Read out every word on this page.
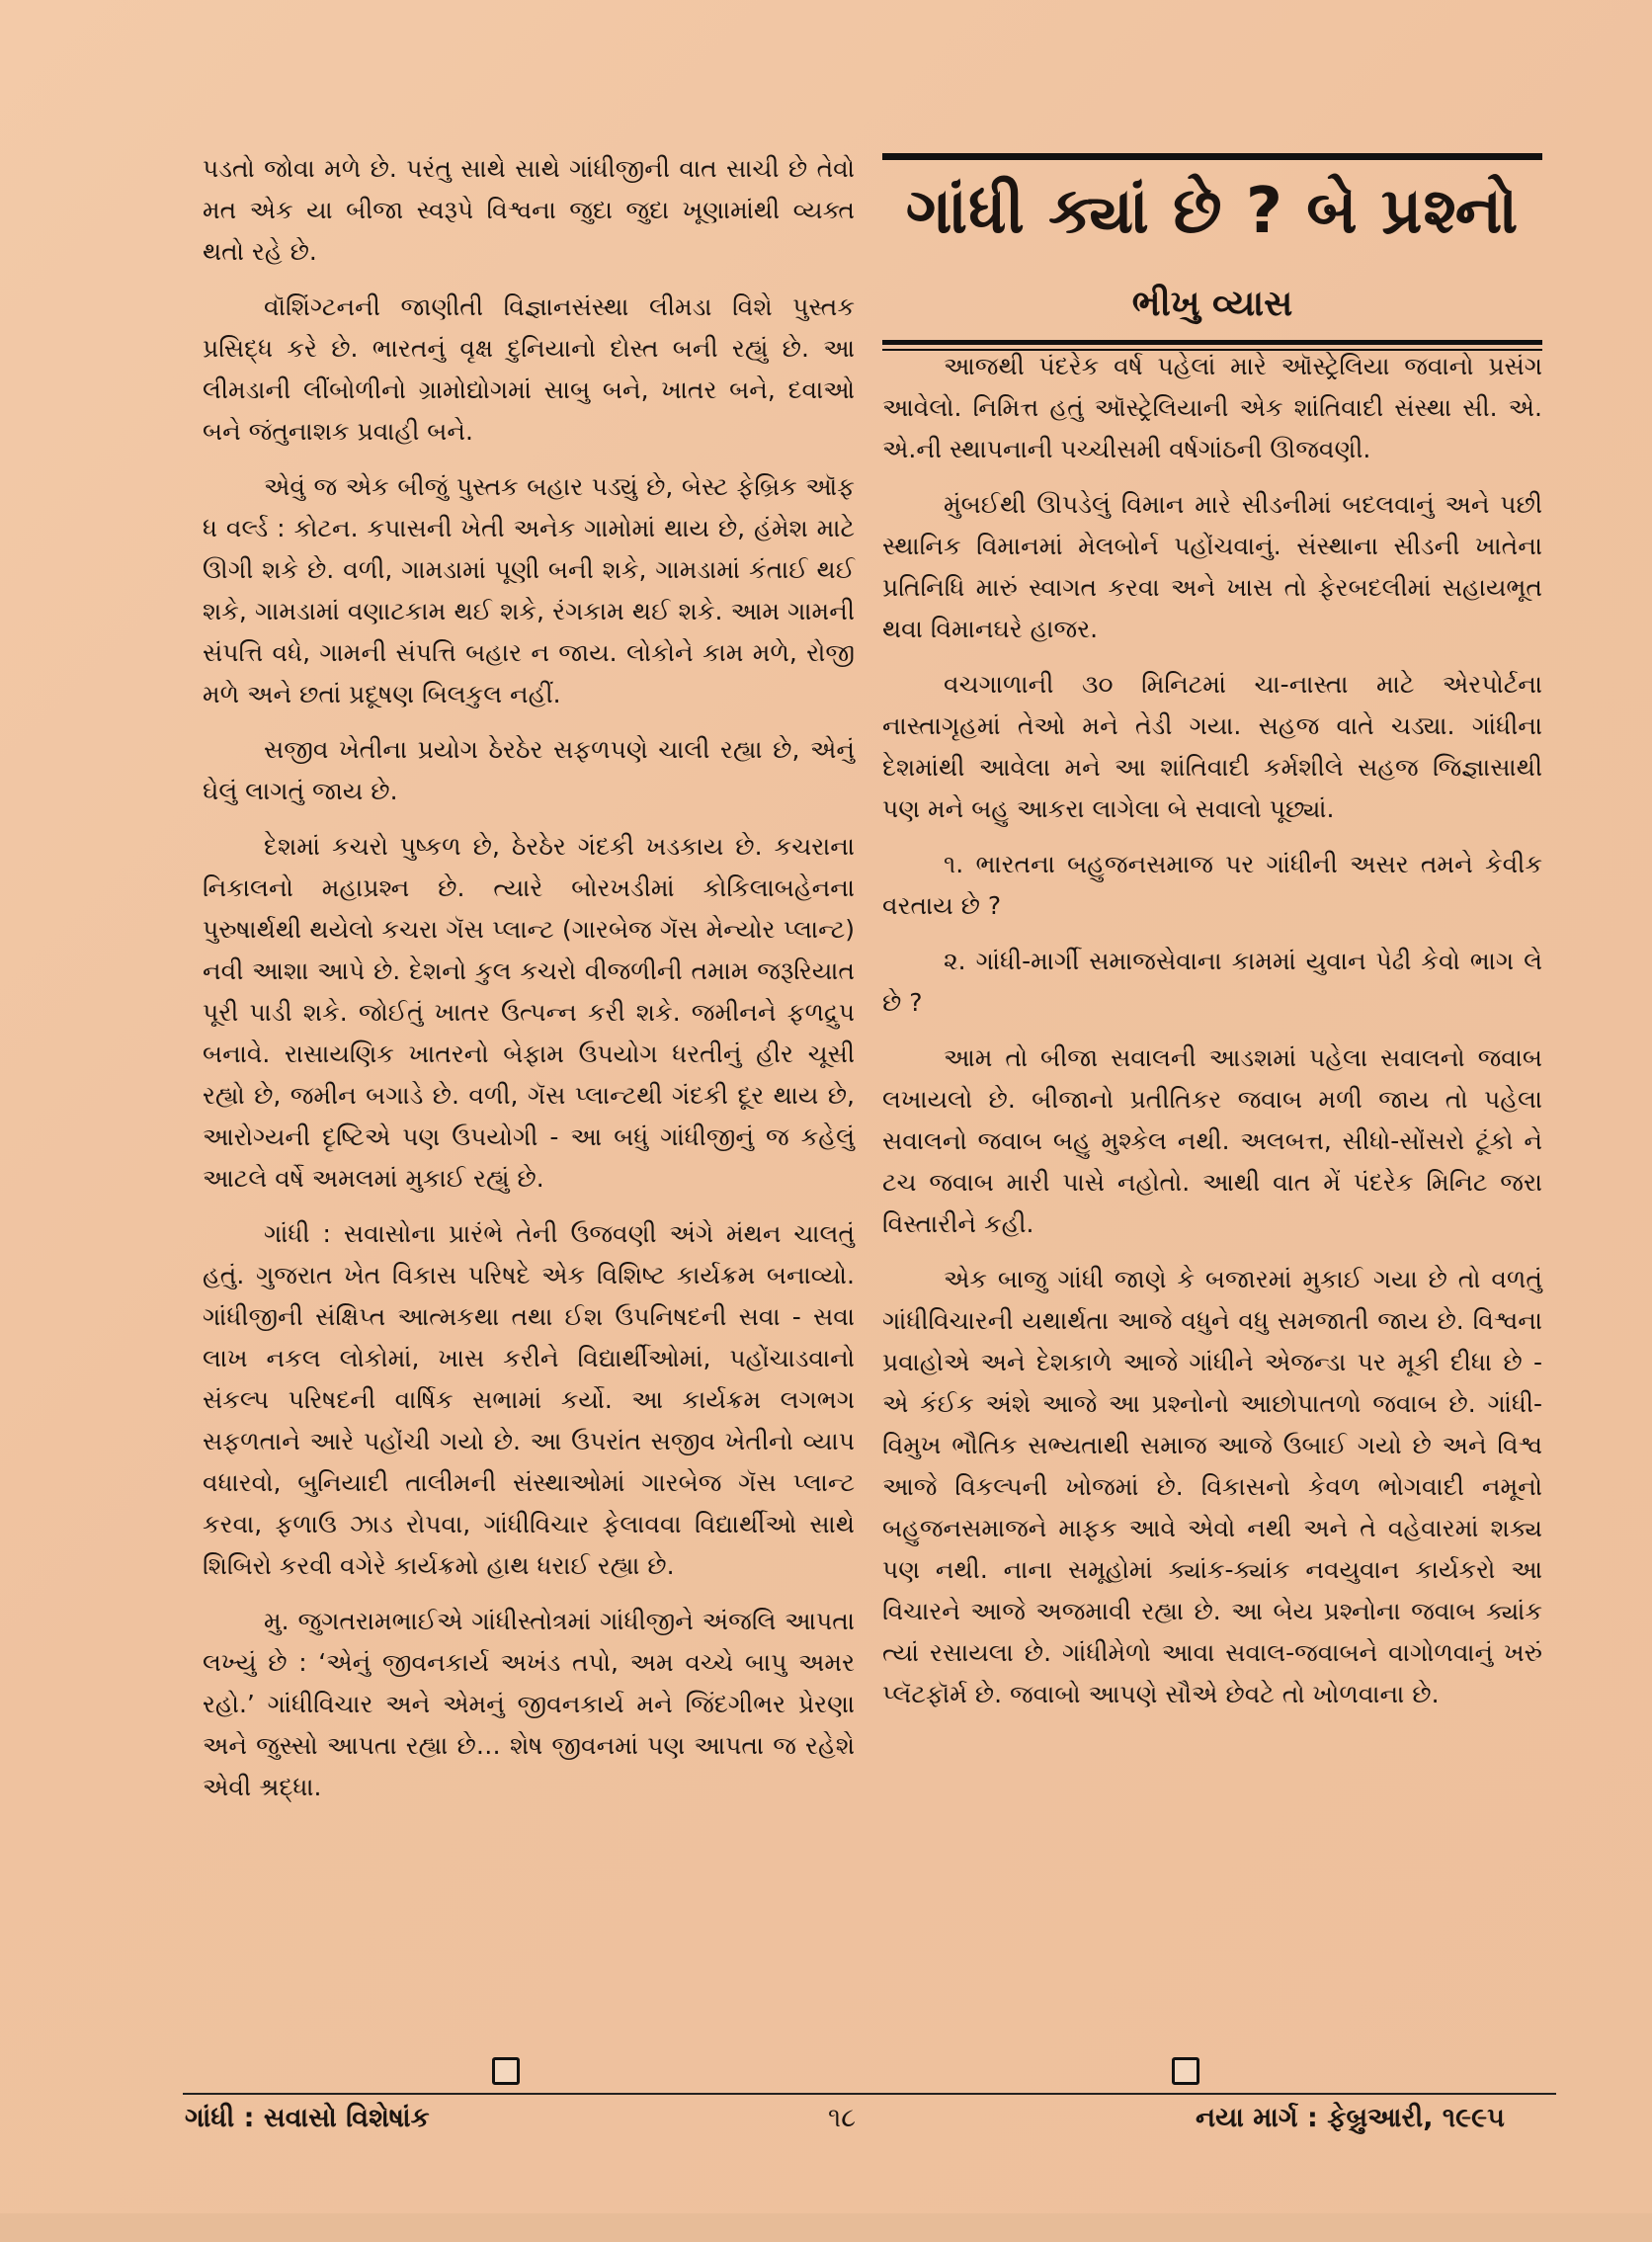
પડતો જોવા મળે છે. પરંતુ સાથે સાથે ગાંધીજીની વાત સાચી છે તેવો મત એક યા બીજા સ્વરૂપે વિશ્વના જુદા જુદા ખૂણામાંથી વ્યક્ત થતો રહે છે.

વૉશિંગ્ટનની જાણીતી વિજ્ઞાનસંસ્થા લીમડા વિશે પુસ્તક પ્રસિદ્ધ કરે છે. ભારતનું વૃક્ષ દુનિયાનો દોસ્ત બની રહ્યું છે. આ લીમડાની લીંબોળીનો ગ્રામોદ્યોગમાં સાબુ બને, ખાતર બને, દવાઓ બને જંતુનાશક પ્રવાહી બને.

એવું જ એક બીજું પુસ્તક બહાર પડ્યું છે, બેસ્ટ ફેબ્રિક ઑફ ધ વર્લ્ડ : કોટન. કપાસની ખેતી અનેક ગામોમાં થાય છે, હંમેશ માટે ઊગી શકે છે. વળી, ગામડામાં પૂણી બની શકે, ગામડામાં કંતાઈ થઈ શકે, ગામડામાં વણાટકામ થઈ શકે, રંગકામ થઈ શકે. આમ ગામની સંપત્તિ વધે, ગામની સંપત્તિ બહાર ન જાય. લોકોને કામ મળે, રોજી મળે અને છતાં પ્રદૂષણ બિલકુલ નહીં.

સજીવ ખેતીના પ્રયોગ ઠેરઠેર સફળપણે ચાલી રહ્યા છે, એનું ઘેલું લાગતું જાય છે.

દેશમાં કચરો પુષ્કળ છે, ઠેરઠેર ગંદકી ખડકાય છે. કચરાના નિકાલનો મહાપ્રશ્ન છે. ત્યારે બોરખડીમાં કોકિલાબહેનના પુરુષાર્થથી થયેલો કચરા ગૅસ પ્લાન્ટ (ગારબેજ ગૅસ મેન્યોર પ્લાન્ટ) નવી આશા આપે છે. દેશનો કુલ કચરો વીજળીની તમામ જરૂરિયાત પૂરી પાડી શકે. જોઈતું ખાતર ઉત્પન્ન કરી શકે. જમીનને ફળદ્રુપ બનાવે. રાસાયણિક ખાતરનો બેફામ ઉપયોગ ધરતીનું હીર ચૂસી રહ્યો છે, જમીન બગાડે છે. વળી, ગૅસ પ્લાન્ટથી ગંદકી દૂર થાય છે, આરોગ્યની દૃષ્ટિએ પણ ઉપયોગી - આ બધું ગાંધીજીનું જ કહેલું આટલે વર્ષે અમલમાં મુકાઈ રહ્યું છે.

ગાંધી : સવાસોના પ્રારંભે તેની ઉજવણી અંગે મંથન ચાલતું હતું. ગુજરાત ખેત વિકાસ પરિષદે એક વિશિષ્ટ કાર્યક્રમ બનાવ્યો. ગાંધીજીની સંક્ષિપ્ત આત્મકથા તથા ઈશ ઉપનિષદની સવા - સવા લાખ નકલ લોકોમાં, ખાસ કરીને વિદ્યાર્થીઓમાં, પહોંચાડવાનો સંકલ્પ પરિષદની વાર્ષિક સભામાં કર્યો. આ કાર્યક્રમ લગભગ સફળતાને આરે પહોંચી ગયો છે. આ ઉપરાંત સજીવ ખેતીનો વ્યાપ વધારવો, બુનિયાદી તાલીમની સંસ્થાઓમાં ગારબેજ ગૅસ પ્લાન્ટ કરવા, ફળાઉ ઝાડ રોપવા, ગાંધીવિચાર ફેલાવવા વિદ્યાર્થીઓ સાથે શિબિરો કરવી વગેરે કાર્યક્રમો હાથ ધરાઈ રહ્યા છે.

મુ. જુગતરામભાઈએ ગાંધીસ્તોત્રમાં ગાંધીજીને અંજલિ આપતા લખ્યું છે : ‘એનું જીવનકાર્ય અખંડ તપો, અમ વચ્ચે બાપુ અમર રહો.’ ગાંધીવિચાર અને એમનું જીવનકાર્ય મને જિંદગીભર પ્રેરણા અને જુસ્સો આપતા રહ્યા છે… શેષ જીવનમાં પણ આપતા જ રહેશે એવી શ્રદ્ધા.

ગાંધી ક્યાં છે ? બે પ્રશ્નો
ભીખુ વ્યાસ

આજથી પંદરેક વર્ષ પહેલાં મારે ઑસ્ટ્રેલિયા જવાનો પ્રસંગ આવેલો. નિમિત્ત હતું ઑસ્ટ્રેલિયાની એક શાંતિવાદી સંસ્થા સી. એ. એ.ની સ્થાપનાની પચ્ચીસમી વર્ષગાંઠની ઊજવણી.

મુંબઈથી ઊપડેલું વિમાન મારે સીડનીમાં બદલવાનું અને પછી સ્થાનિક વિમાનમાં મેલબોર્ન પહોંચવાનું. સંસ્થાના સીડની ખાતેના પ્રતિનિધિ મારું સ્વાગત કરવા અને ખાસ તો ફેરબદલીમાં સહાયભૂત થવા વિમાનઘરે હાજર.

વચગાળાની ૩૦ મિનિટમાં ચા-નાસ્તા માટે એરપોર્ટના નાસ્તાગૃહમાં તેઓ મને તેડી ગયા. સહજ વાતે ચડ્યા. ગાંધીના દેશમાંથી આવેલા મને આ શાંતિવાદી કર્મશીલે સહજ જિજ્ઞાસાથી પણ મને બહુ આકરા લાગેલા બે સવાલો પૂછ્યાં.

૧. ભારતના બહુજનસમાજ પર ગાંધીની અસર તમને કેવીક વરતાય છે ?

૨. ગાંધી-માર્ગી સમાજસેવાના કામમાં યુવાન પેઢી કેવો ભાગ લે છે ?

આમ તો બીજા સવાલની આડશમાં પહેલા સવાલનો જવાબ લખાયલો છે. બીજાનો પ્રતીતિકર જવાબ મળી જાય તો પહેલા સવાલનો જવાબ બહુ મુશ્કેલ નથી. અલબત્ત, સીધો-સોંસરો ટૂંકો ને ટચ જવાબ મારી પાસે નહોતો. આથી વાત મેં પંદરેક મિનિટ જરા વિસ્તારીને કહી.

એક બાજુ ગાંધી જાણે કે બજારમાં મુકાઈ ગયા છે તો વળતું ગાંધીવિચારની યથાર્થતા આજે વધુને વધુ સમજાતી જાય છે. વિશ્વના પ્રવાહોએ અને દેશકાળે આજે ગાંધીને એજન્ડા પર મૂકી દીધા છે - એ કંઈક અંશે આજે આ પ્રશ્નોનો આછોપાતળો જવાબ છે. ગાંધી-વિમુખ ભૌતિક સભ્યતાથી સમાજ આજે ઉબાઈ ગયો છે અને વિશ્વ આજે વિકલ્પની ખોજમાં છે. વિકાસનો કેવળ ભોગવાદી નમૂનો બહુજનસમાજને માફક આવે એવો નથી અને તે વહેવારમાં શક્ય પણ નથી. નાના સમૂહોમાં ક્યાંક-ક્યાંક નવયુવાન કાર્યકરો આ વિચારને આજે અજમાવી રહ્યા છે. આ બેય પ્રશ્નોના જવાબ ક્યાંક ત્યાં રસાયલા છે. ગાંધીમેળો આવા સવાલ-જવાબને વાગોળવાનું ખરું પ્લૅટફૉર્મ છે. જવાબો આપણે સૌએ છેવટે તો ખોળવાના છે.

ગાંધી : સવાસો વિશેષાંક	૧૮	નયા માર્ગ : ફેબ્રુઆરી, ૧૯૯૫
